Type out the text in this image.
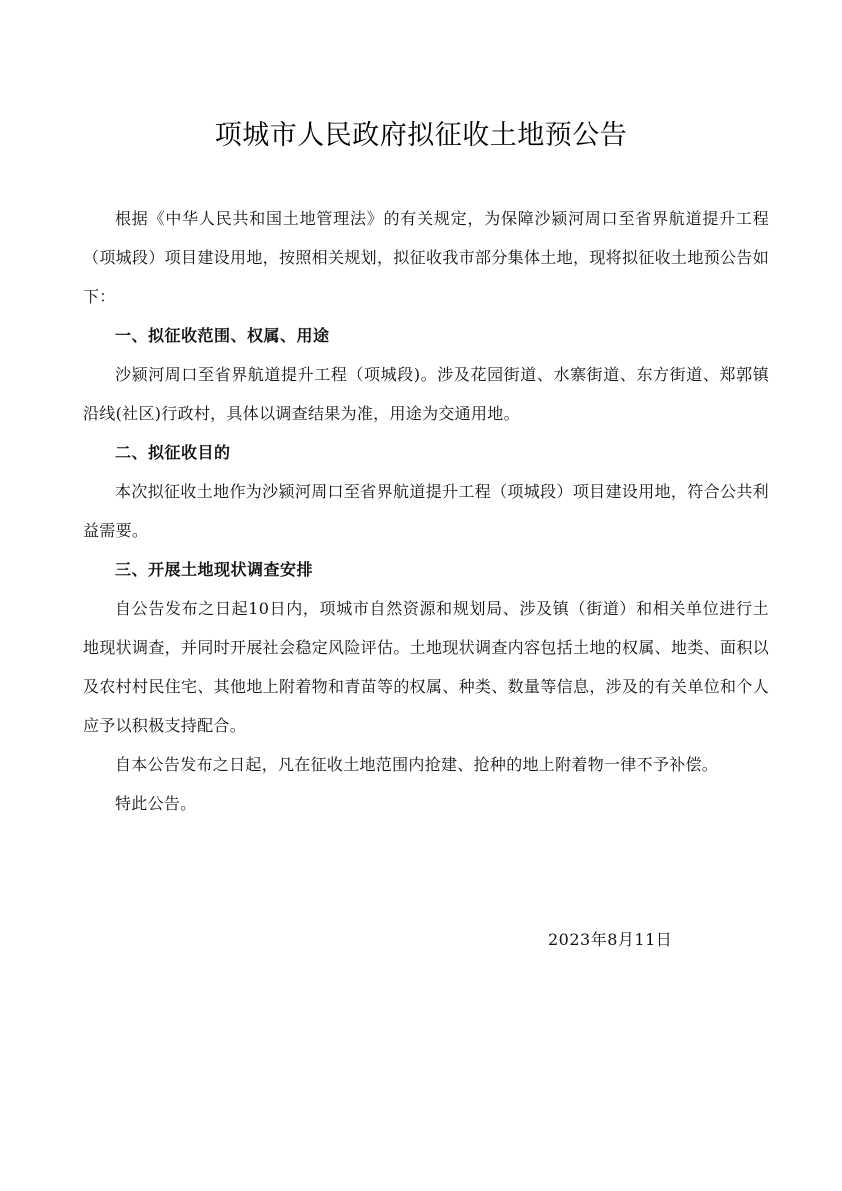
项城市人民政府拟征收土地预公告

根据《中华人民共和国土地管理法》的有关规定，为保障沙颍河周口至省界航道提升工程（项城段）项目建设用地，按照相关规划，拟征收我市部分集体土地，现将拟征收土地预公告如下：

一、拟征收范围、权属、用途

沙颍河周口至省界航道提升工程（项城段)。涉及花园街道、水寨街道、东方街道、郑郭镇沿线(社区)行政村，具体以调查结果为准，用途为交通用地。

二、拟征收目的

本次拟征收土地作为沙颍河周口至省界航道提升工程（项城段）项目建设用地，符合公共利益需要。

三、开展土地现状调查安排

自公告发布之日起10日内，项城市自然资源和规划局、涉及镇（街道）和相关单位进行土地现状调查，并同时开展社会稳定风险评估。土地现状调查内容包括土地的权属、地类、面积以及农村村民住宅、其他地上附着物和青苗等的权属、种类、数量等信息，涉及的有关单位和个人应予以积极支持配合。

自本公告发布之日起，凡在征收土地范围内抢建、抢种的地上附着物一律不予补偿。

特此公告。

2023年8月11日
